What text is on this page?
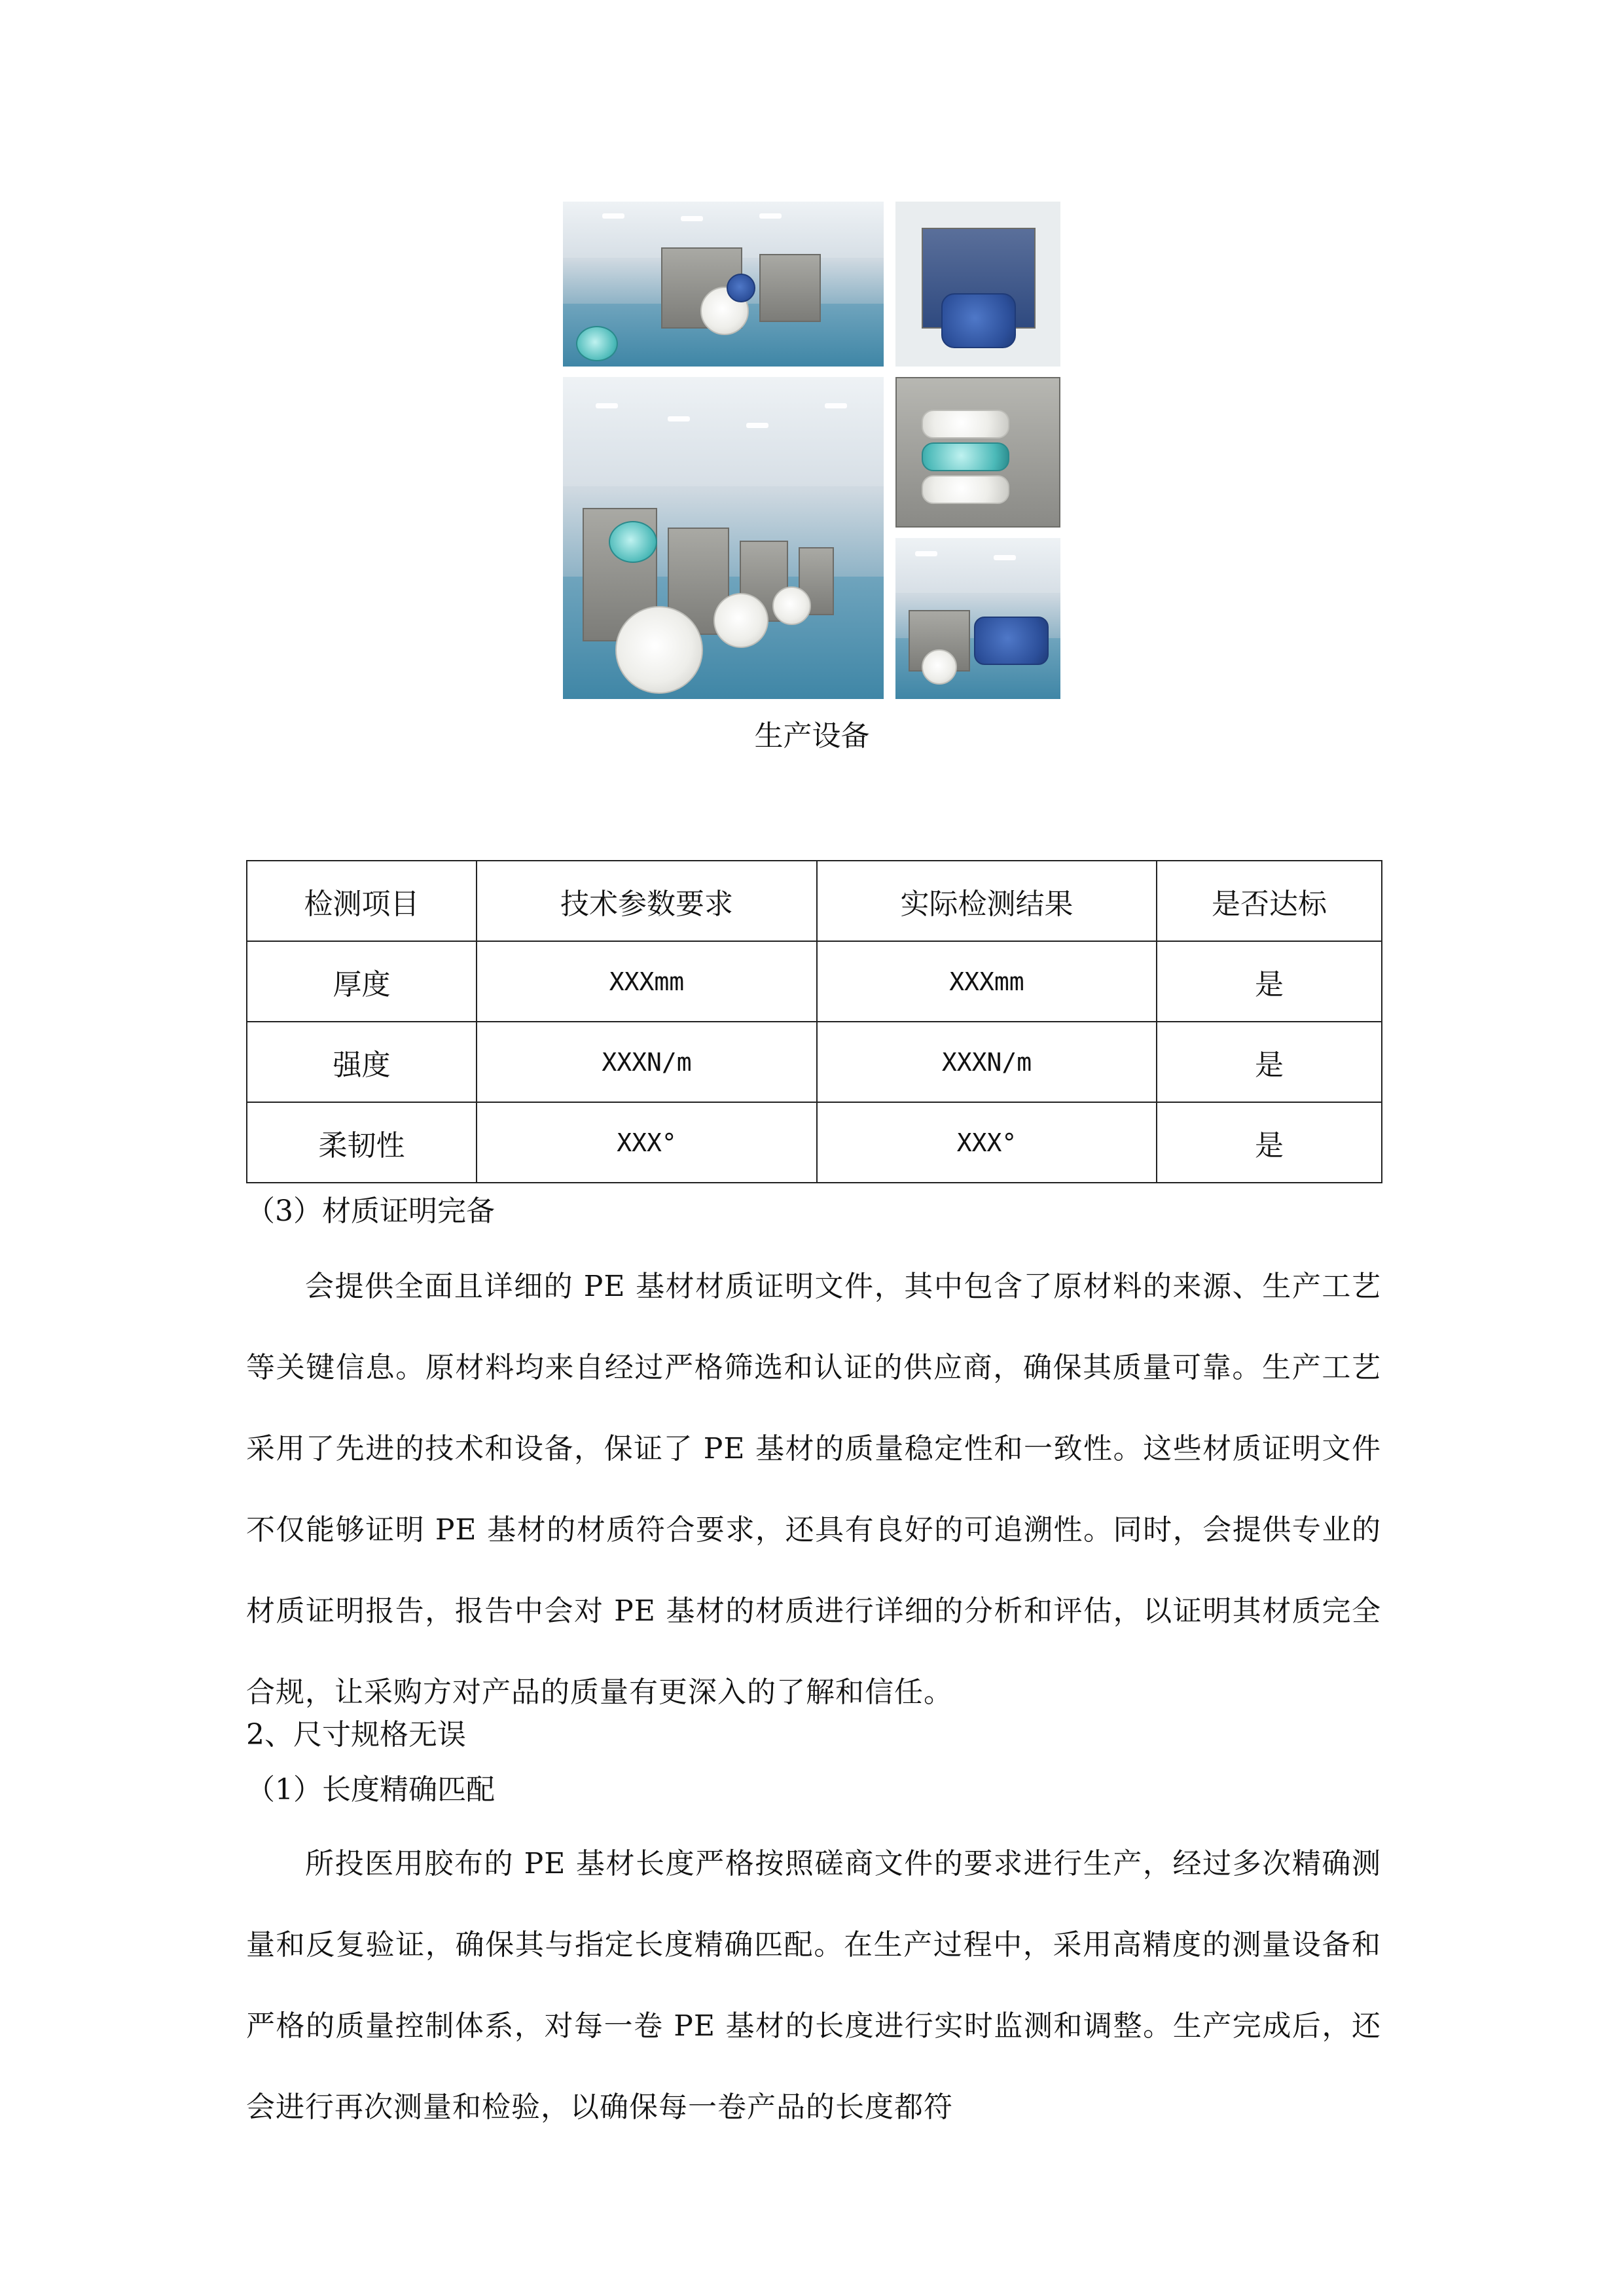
生产设备
检测项目	技术参数要求	实际检测结果	是否达标
厚度	XXXmm	XXXmm	是
强度	XXXN/m	XXXN/m	是
柔韧性	XXX°	XXX°	是
（3）材质证明完备
会提供全面且详细的 PE 基材材质证明文件，其中包含了原材料的来源、生产工艺等关键信息。原材料均来自经过严格筛选和认证的供应商，确保其质量可靠。生产工艺采用了先进的技术和设备，保证了 PE 基材的质量稳定性和一致性。这些材质证明文件不仅能够证明 PE 基材的材质符合要求，还具有良好的可追溯性。同时，会提供专业的材质证明报告，报告中会对 PE 基材的材质进行详细的分析和评估，以证明其材质完全合规，让采购方对产品的质量有更深入的了解和信任。
2、尺寸规格无误
（1）长度精确匹配
所投医用胶布的 PE 基材长度严格按照磋商文件的要求进行生产，经过多次精确测量和反复验证，确保其与指定长度精确匹配。在生产过程中，采用高精度的测量设备和严格的质量控制体系，对每一卷 PE 基材的长度进行实时监测和调整。生产完成后，还会进行再次测量和检验，以确保每一卷产品的长度都符
